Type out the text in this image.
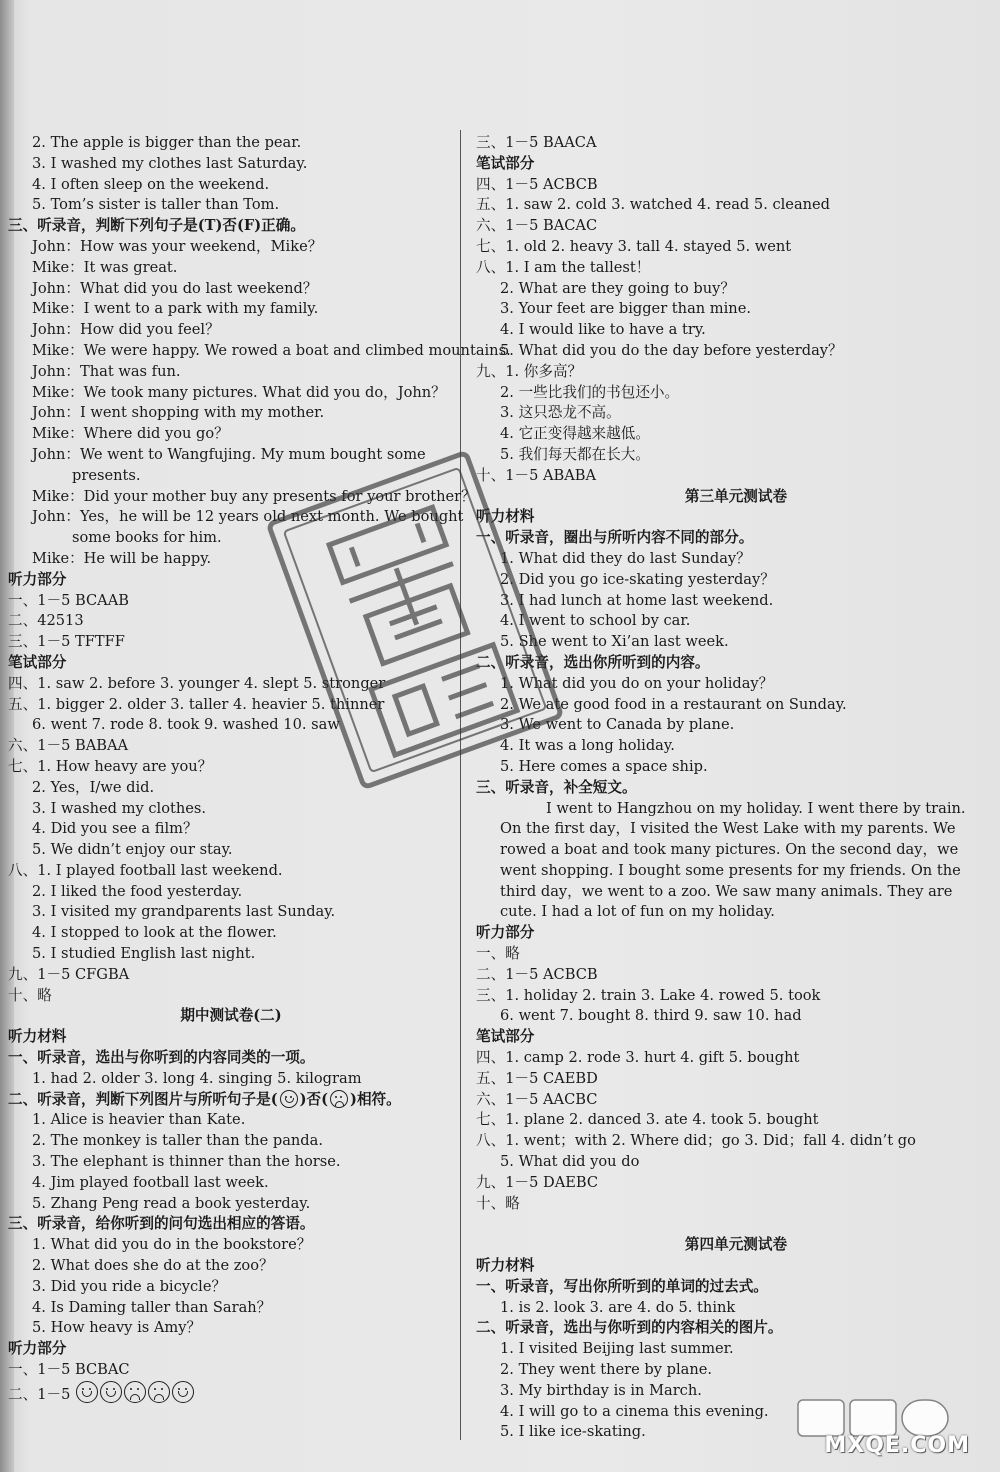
2. The apple is bigger than the pear.
3. I washed my clothes last Saturday.
4. I often sleep on the weekend.
5. Tom’s sister is taller than Tom.
三、听录音，判断下列句子是(T)否(F)正确。
John：How was your weekend，Mike？
Mike：It was great.
John：What did you do last weekend？
Mike：I went to a park with my family.
John：How did you feel？
Mike：We were happy. We rowed a boat and climbed mountains.
John：That was fun.
Mike：We took many pictures. What did you do，John？
John：I went shopping with my mother.
Mike：Where did you go？
John：We went to Wangfujing. My mum bought some
presents.
Mike：Did your mother buy any presents for your brother？
John：Yes，he will be 12 years old next month. We bought
some books for him.
Mike：He will be happy.
听力部分
一、1－5 BCAAB
二、42513
三、1－5 TFTFF
笔试部分
四、1. saw 2. before 3. younger 4. slept 5. stronger
五、1. bigger 2. older 3. taller 4. heavier 5. thinner
6. went 7. rode 8. took 9. washed 10. saw
六、1－5 BABAA
七、1. How heavy are you？
2. Yes，I/we did.
3. I washed my clothes.
4. Did you see a film？
5. We didn’t enjoy our stay.
八、1. I played football last weekend.
2. I liked the food yesterday.
3. I visited my grandparents last Sunday.
4. I stopped to look at the flower.
5. I studied English last night.
九、1－5 CFGBA
十、略
期中测试卷(二)
听力材料
一、听录音，选出与你听到的内容同类的一项。
1. had 2. older 3. long 4. singing 5. kilogram
二、听录音，判断下列图片与所听句子是( )否( )相符。
1. Alice is heavier than Kate.
2. The monkey is taller than the panda.
3. The elephant is thinner than the horse.
4. Jim played football last week.
5. Zhang Peng read a book yesterday.
三、听录音，给你听到的问句选出相应的答语。
1. What did you do in the bookstore？
2. What does she do at the zoo？
3. Did you ride a bicycle？
4. Is Daming taller than Sarah？
5. How heavy is Amy？
听力部分
一、1－5 BCBAC
二、1－5
三、1－5 BAACA
笔试部分
四、1－5 ACBCB
五、1. saw 2. cold 3. watched 4. read 5. cleaned
六、1－5 BACAC
七、1. old 2. heavy 3. tall 4. stayed 5. went
八、1. I am the tallest！
2. What are they going to buy？
3. Your feet are bigger than mine.
4. I would like to have a try.
5. What did you do the day before yesterday？
九、1. 你多高？
2. 一些比我们的书包还小。
3. 这只恐龙不高。
4. 它正变得越来越低。
5. 我们每天都在长大。
十、1－5 ABABA
第三单元测试卷
听力材料
一、听录音，圈出与所听内容不同的部分。
1. What did they do last Sunday？
2. Did you go ice-skating yesterday？
3. I had lunch at home last weekend.
4. I went to school by car.
5. She went to Xi’an last week.
二、听录音，选出你所听到的内容。
1. What did you do on your holiday？
2. We ate good food in a restaurant on Sunday.
3. We went to Canada by plane.
4. It was a long holiday.
5. Here comes a space ship.
三、听录音，补全短文。
I went to Hangzhou on my holiday. I went there by train.
On the first day，I visited the West Lake with my parents. We
rowed a boat and took many pictures. On the second day，we
went shopping. I bought some presents for my friends. On the
third day，we went to a zoo. We saw many animals. They are
cute. I had a lot of fun on my holiday.
听力部分
一、略
二、1－5 ACBCB
三、1. holiday 2. train 3. Lake 4. rowed 5. took
6. went 7. bought 8. third 9. saw 10. had
笔试部分
四、1. camp 2. rode 3. hurt 4. gift 5. bought
五、1－5 CAEBD
六、1－5 AACBC
七、1. plane 2. danced 3. ate 4. took 5. bought
八、1. went；with 2. Where did；go 3. Did；fall 4. didn’t go
5. What did you do
九、1－5 DAEBC
十、略

第四单元测试卷
听力材料
一、听录音，写出你所听到的单词的过去式。
1. is 2. look 3. are 4. do 5. think
二、听录音，选出与你听到的内容相关的图片。
1. I visited Beijing last summer.
2. They went there by plane.
3. My birthday is in March.
4. I will go to a cinema this evening.
5. I like ice-skating.
MXQE.COM
